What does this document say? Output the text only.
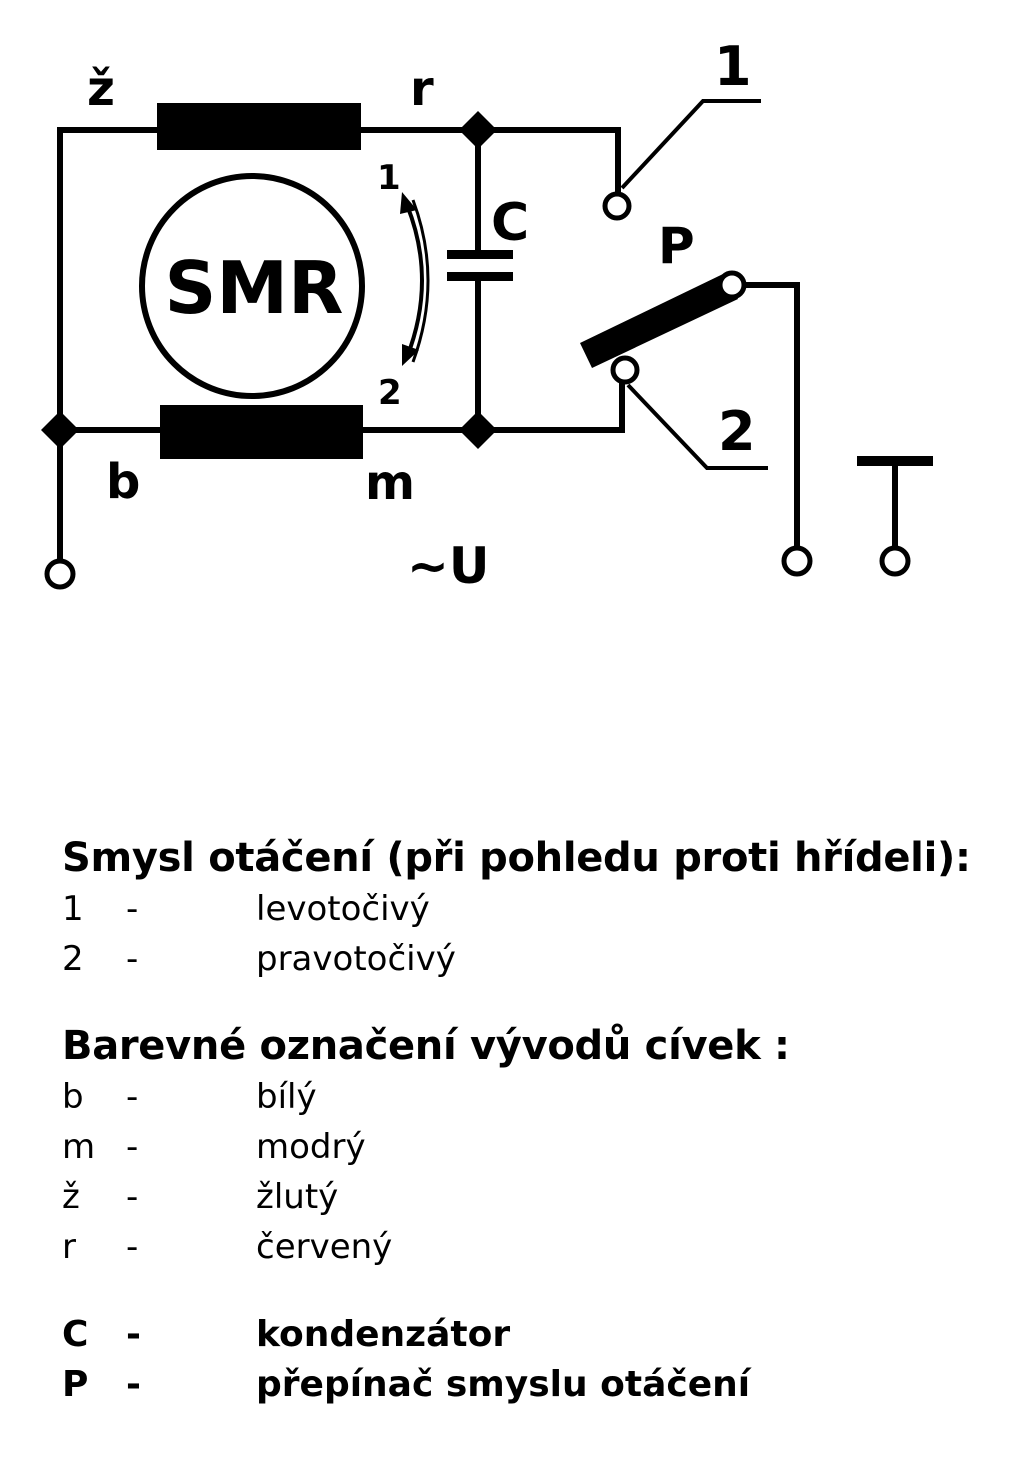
SMR
C
1
2
P
1
2
ž	r
b	m
~U
Smysl otáčení (při pohledu proti hřídeli):
1	-	levotočivý
2	-	pravotočivý
Barevné označení vývodů cívek :
b	-	bílý
m -	modrý
ž	-	žlutý
r	-	červený
C	-	kondenzátor
P	-	přepínač smyslu otáčení
